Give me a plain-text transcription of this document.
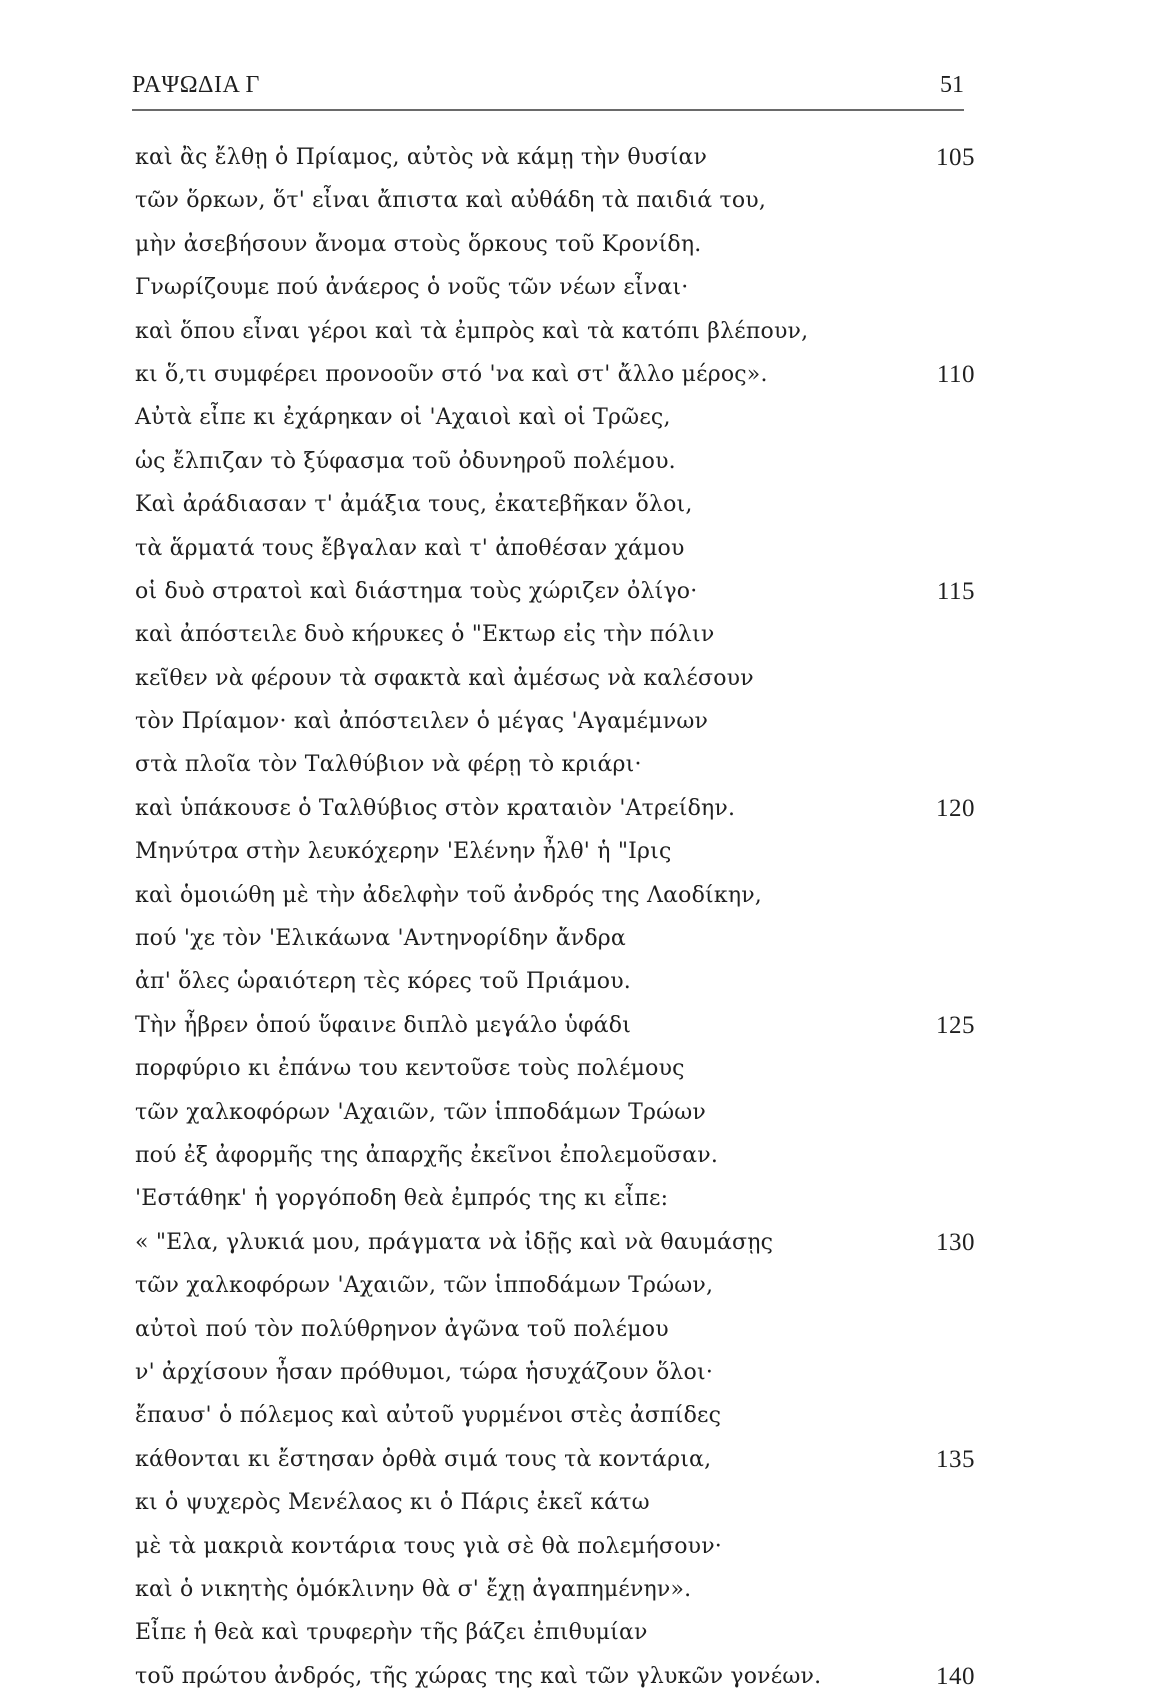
ΡΑΨΩΔΙΑ Γ	51
καὶ ἂς ἔλθῃ ὁ Πρίαμος, αὐτὸς νὰ κάμῃ τὴν θυσίαν	105
τῶν ὅρκων, ὅτ' εἶναι ἄπιστα καὶ αὐθάδη τὰ παιδιά του,
μὴν ἀσεβήσουν ἄνομα στοὺς ὅρκους τοῦ Κρονίδη.
Γνωρίζουμε πού ἀνάερος ὁ νοῦς τῶν νέων εἶναι·
καὶ ὅπου εἶναι γέροι καὶ τὰ ἐμπρὸς καὶ τὰ κατόπι βλέπουν,
κι ὅ,τι συμφέρει προνοοῦν στό 'να καὶ στ' ἄλλο μέρος».	110
Αὐτὰ εἶπε κι ἐχάρηκαν οἱ 'Αχαιοὶ καὶ οἱ Τρῶες,
ὡς ἔλπιζαν τὸ ξύφασμα τοῦ ὀδυνηροῦ πολέμου.
Καὶ ἀράδιασαν τ' ἀμάξια τους, ἐκατεβῆκαν ὅλοι,
τὰ ἅρματά τους ἔβγαλαν καὶ τ' ἀποθέσαν χάμου
οἱ δυὸ στρατοὶ καὶ διάστημα τοὺς χώριζεν ὀλίγο·	115
καὶ ἀπόστειλε δυὸ κήρυκες ὁ "Εκτωρ εἰς τὴν πόλιν
κεῖθεν νὰ φέρουν τὰ σφακτὰ καὶ ἀμέσως νὰ καλέσουν
τὸν Πρίαμον· καὶ ἀπόστειλεν ὁ μέγας 'Αγαμέμνων
στὰ πλοῖα τὸν Ταλθύβιον νὰ φέρῃ τὸ κριάρι·
καὶ ὑπάκουσε ὁ Ταλθύβιος στὸν κραταιὸν 'Ατρείδην.	120
Μηνύτρα στὴν λευκόχερην 'Ελένην ἦλθ' ἡ "Ιρις
καὶ ὁμοιώθη μὲ τὴν ἀδελφὴν τοῦ ἀνδρός της Λαοδίκην,
πού 'χε τὸν 'Ελικάωνα 'Αντηνορίδην ἄνδρα
ἀπ' ὅλες ὡραιότερη τὲς κόρες τοῦ Πριάμου.
Τὴν ἦβρεν ὁπού ὕφαινε διπλὸ μεγάλο ὑφάδι	125
πορφύριο κι ἐπάνω του κεντοῦσε τοὺς πολέμους
τῶν χαλκοφόρων 'Αχαιῶν, τῶν ἱπποδάμων Τρώων
πού ἐξ ἀφορμῆς της ἀπαρχῆς ἐκεῖνοι ἐπολεμοῦσαν.
'Εστάθηκ' ἡ γοργόποδη θεὰ ἐμπρός της κι εἶπε:
« "Ελα, γλυκιά μου, πράγματα νὰ ἰδῇς καὶ νὰ θαυμάσῃς	130
τῶν χαλκοφόρων 'Αχαιῶν, τῶν ἱπποδάμων Τρώων,
αὐτοὶ πού τὸν πολύθρηνον ἀγῶνα τοῦ πολέμου
ν' ἀρχίσουν ἦσαν πρόθυμοι, τώρα ἡσυχάζουν ὅλοι·
ἔπαυσ' ὁ πόλεμος καὶ αὐτοῦ γυρμένοι στὲς ἀσπίδες
κάθονται κι ἔστησαν ὀρθὰ σιμά τους τὰ κοντάρια,	135
κι ὁ ψυχερὸς Μενέλαος κι ὁ Πάρις ἐκεῖ κάτω
μὲ τὰ μακριὰ κοντάρια τους γιὰ σὲ θὰ πολεμήσουν·
καὶ ὁ νικητὴς ὁμόκλινην θὰ σ' ἔχῃ ἀγαπημένην».
Εἶπε ἡ θεὰ καὶ τρυφερὴν τῆς βάζει ἐπιθυμίαν
τοῦ πρώτου ἀνδρός, τῆς χώρας της καὶ τῶν γλυκῶν γονέων.	140
